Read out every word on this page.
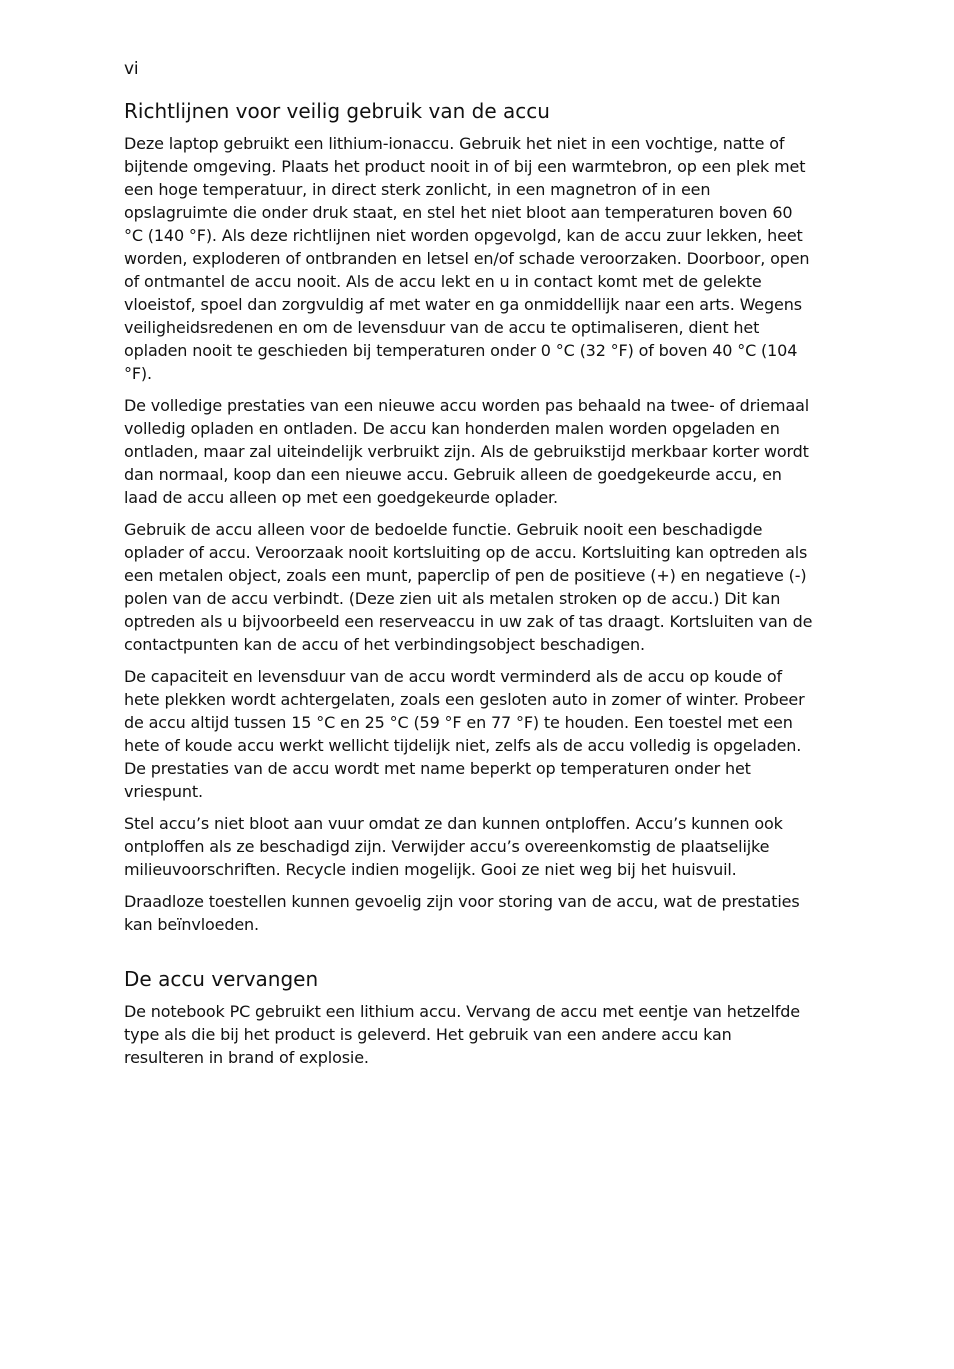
vi

Richtlijnen voor veilig gebruik van de accu

Deze laptop gebruikt een lithium-ionaccu. Gebruik het niet in een vochtige, natte of bijtende omgeving. Plaats het product nooit in of bij een warmtebron, op een plek met een hoge temperatuur, in direct sterk zonlicht, in een magnetron of in een opslagruimte die onder druk staat, en stel het niet bloot aan temperaturen boven 60 °C (140 °F). Als deze richtlijnen niet worden opgevolgd, kan de accu zuur lekken, heet worden, exploderen of ontbranden en letsel en/of schade veroorzaken. Doorboor, open of ontmantel de accu nooit. Als de accu lekt en u in contact komt met de gelekte vloeistof, spoel dan zorgvuldig af met water en ga onmiddellijk naar een arts. Wegens veiligheidsredenen en om de levensduur van de accu te optimaliseren, dient het opladen nooit te geschieden bij temperaturen onder 0 °C (32 °F) of boven 40 °C (104 °F).

De volledige prestaties van een nieuwe accu worden pas behaald na twee- of driemaal volledig opladen en ontladen. De accu kan honderden malen worden opgeladen en ontladen, maar zal uiteindelijk verbruikt zijn. Als de gebruikstijd merkbaar korter wordt dan normaal, koop dan een nieuwe accu. Gebruik alleen de goedgekeurde accu, en laad de accu alleen op met een goedgekeurde oplader.

Gebruik de accu alleen voor de bedoelde functie. Gebruik nooit een beschadigde oplader of accu. Veroorzaak nooit kortsluiting op de accu. Kortsluiting kan optreden als een metalen object, zoals een munt, paperclip of pen de positieve (+) en negatieve (-) polen van de accu verbindt. (Deze zien uit als metalen stroken op de accu.) Dit kan optreden als u bijvoorbeeld een reserveaccu in uw zak of tas draagt. Kortsluiten van de contactpunten kan de accu of het verbindingsobject beschadigen.

De capaciteit en levensduur van de accu wordt verminderd als de accu op koude of hete plekken wordt achtergelaten, zoals een gesloten auto in zomer of winter. Probeer de accu altijd tussen 15 °C en 25 °C (59 °F en 77 °F) te houden. Een toestel met een hete of koude accu werkt wellicht tijdelijk niet, zelfs als de accu volledig is opgeladen. De prestaties van de accu wordt met name beperkt op temperaturen onder het vriespunt.

Stel accu’s niet bloot aan vuur omdat ze dan kunnen ontploffen. Accu’s kunnen ook ontploffen als ze beschadigd zijn. Verwijder accu’s overeenkomstig de plaatselijke milieuvoorschriften. Recycle indien mogelijk. Gooi ze niet weg bij het huisvuil.

Draadloze toestellen kunnen gevoelig zijn voor storing van de accu, wat de prestaties kan beïnvloeden.

De accu vervangen

De notebook PC gebruikt een lithium accu. Vervang de accu met eentje van hetzelfde type als die bij het product is geleverd. Het gebruik van een andere accu kan resulteren in brand of explosie.
